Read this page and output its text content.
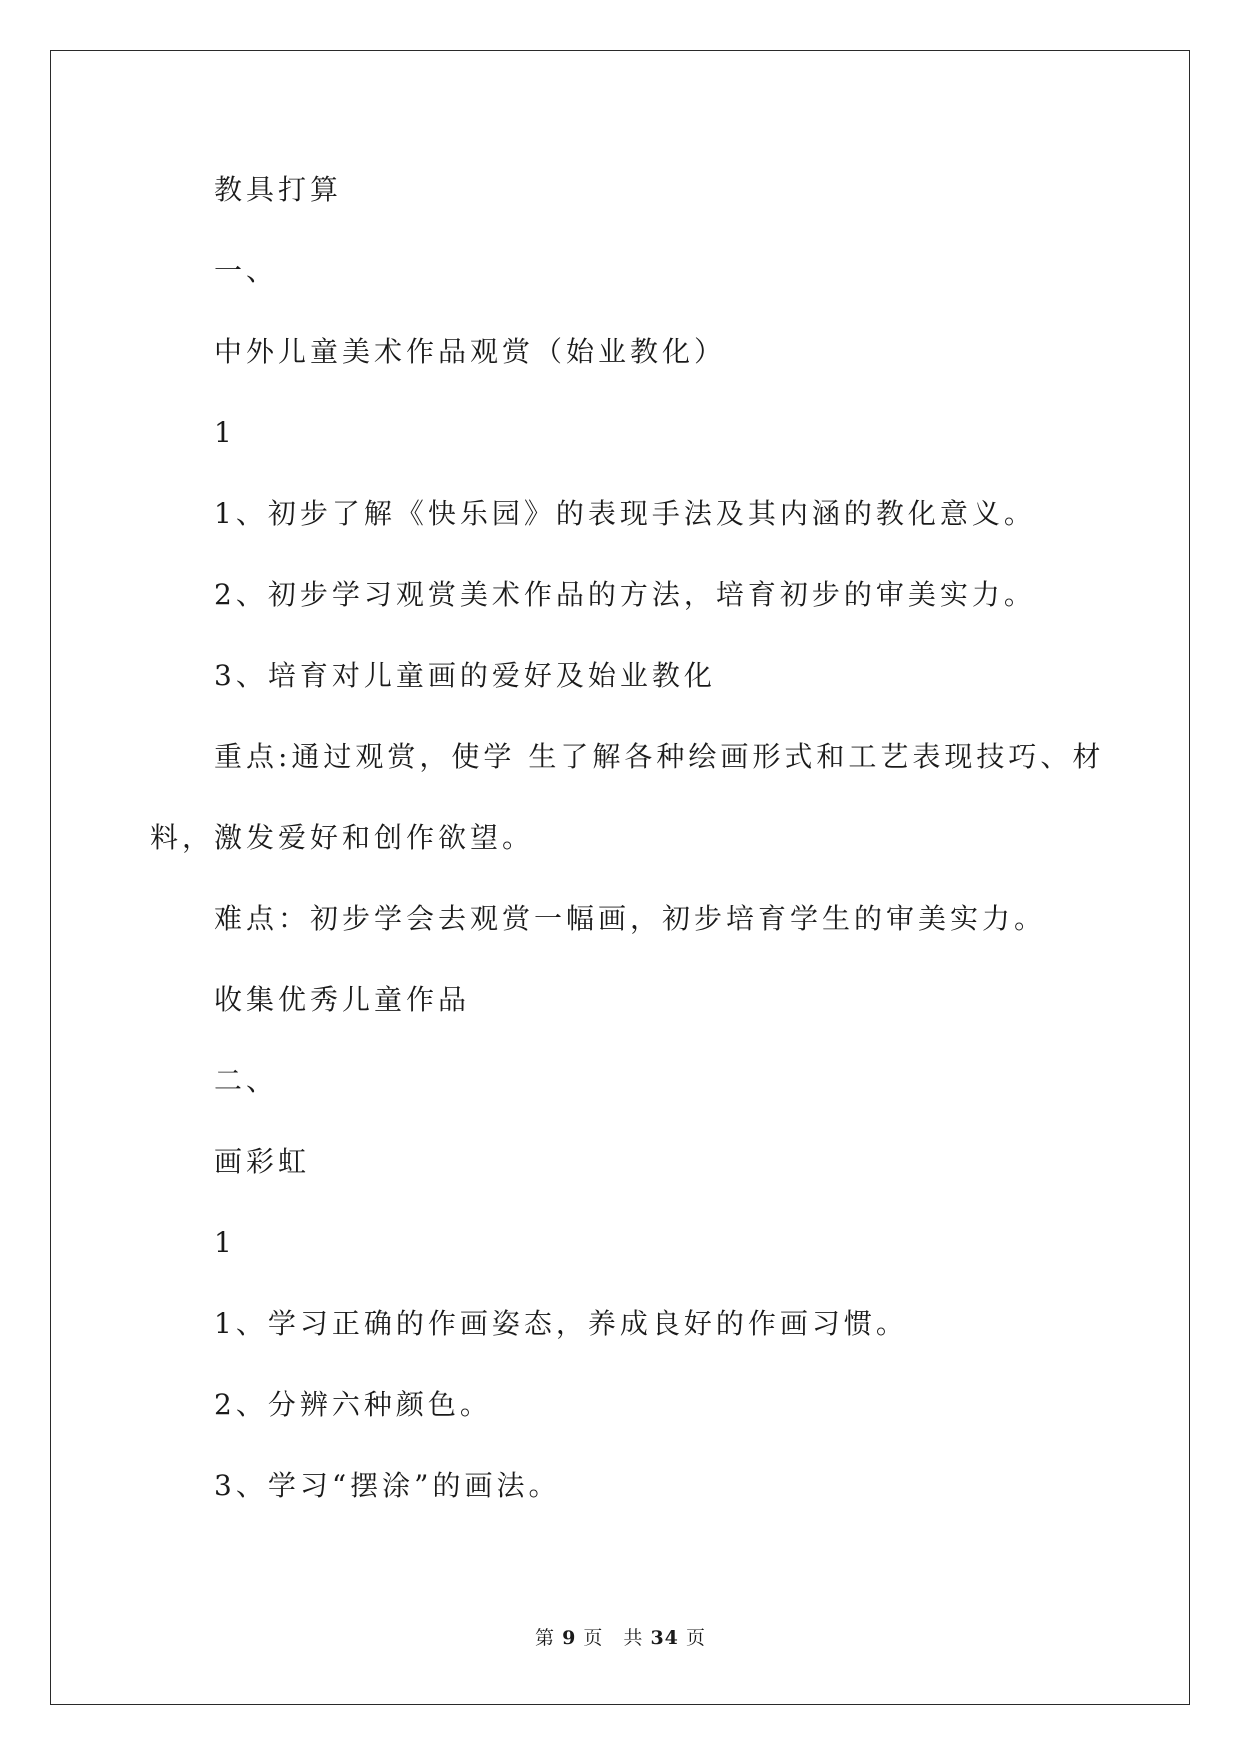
教具打算
一、
中外儿童美术作品观赏（始业教化）
1
1、初步了解《快乐园》的表现手法及其内涵的教化意义。
2、初步学习观赏美术作品的方法，培育初步的审美实力。
3、培育对儿童画的爱好及始业教化
重点:通过观赏，使学 生了解各种绘画形式和工艺表现技巧、材
料，激发爱好和创作欲望。
难点：初步学会去观赏一幅画，初步培育学生的审美实力。
收集优秀儿童作品
二、
画彩虹
1
1、学习正确的作画姿态，养成良好的作画习惯。
2、分辨六种颜色。
3、学习“摆涂”的画法。
第 9 页　共 34 页
